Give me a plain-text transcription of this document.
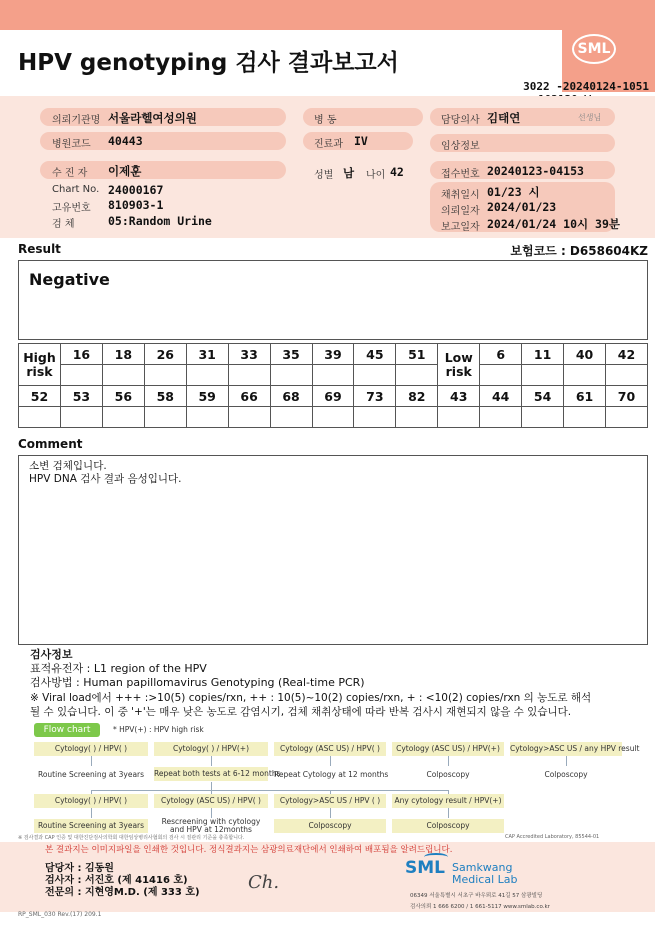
HPV genotyping 검사 결과보고서
SML
3022 -20240124-1051
의뢰기관명 서울라헬여성의원	병 동	담당의사 김태연	선생님
병원코드 40443	진료과 IV	임상정보
수 진 자 이제훈	성별 남 나이 42	접수번호 20240123-04153
Chart No. 24000167
고유번호 810903-1
검 체	05:Random Urine
채취일시 01/23 시
의뢰일자 2024/01/23
보고일자 2024/01/24 10시 39분
Result	보험코드 : D658604KZ
Negative
High risk	16	18	26	31	33	35	39	45	51	Low risk	6	11	40	42

52	53	56	58	59	66	68	69	73	82	43	44	54	61	70

Comment
소변 검체입니다.
HPV DNA 검사 결과 음성입니다.
검사정보
표적유전자 : L1 region of the HPV
검사방법 : Human papillomavirus Genotyping (Real-time PCR)
※ Viral load에서 +++ :>10(5) copies/rxn, ++ : 10(5)~10(2) copies/rxn, + : <10(2) copies/rxn 의 농도로 해석
될 수 있습니다. 이 중 '+'는 매우 낮은 농도로 감염시기, 검체 채취상태에 따라 반복 검사시 재현되지 않을 수 있습니다.
Flow chart	* HPV(+) : HPV high risk
Cytology( ) / HPV( )	Cytology( ) / HPV(+)	Cytology (ASC US) / HPV( )	Cytology (ASC US) / HPV(+)	Cytology>ASC US / any HPV result
Routine Screening at 3years	Repeat both tests at 6-12 months
Repeat Cytology at 12 months	Colposcopy	Colposcopy
Cytology( ) / HPV( )	Cytology (ASC US) / HPV( )	Cytology>ASC US / HPV ( )	Any cytology result / HPV(+)
Routine Screening at 3years	Rescreening with cytology and HPV at 12months	Colposcopy	Colposcopy
※ 검사결과 CAP 인증 및 대한진단검사의학회 대한임상병리사협회의 검사 시 질관리 기준을 충족합니다.	CAP Accredited Laboratory, 85544-01
본 결과지는 이미지파일을 인쇄한 것입니다. 정식결과지는 삼광의료재단에서 인쇄하여 배포됨을 알려드립니다.
담당자 : 김동원
검사자 : 서진호 (제 41416 호)
전문의 : 지현영M.D. (제 333 호)	Ch.
SML Samkwang
Medical Lab
06349 서울특별시 서초구 바우뫼로 41길 57 삼광빌딩
검사의뢰 1 666 6200 / 1 661-5117 www.smlab.co.kr
RP_SML_030 Rev.(17) 209.1
